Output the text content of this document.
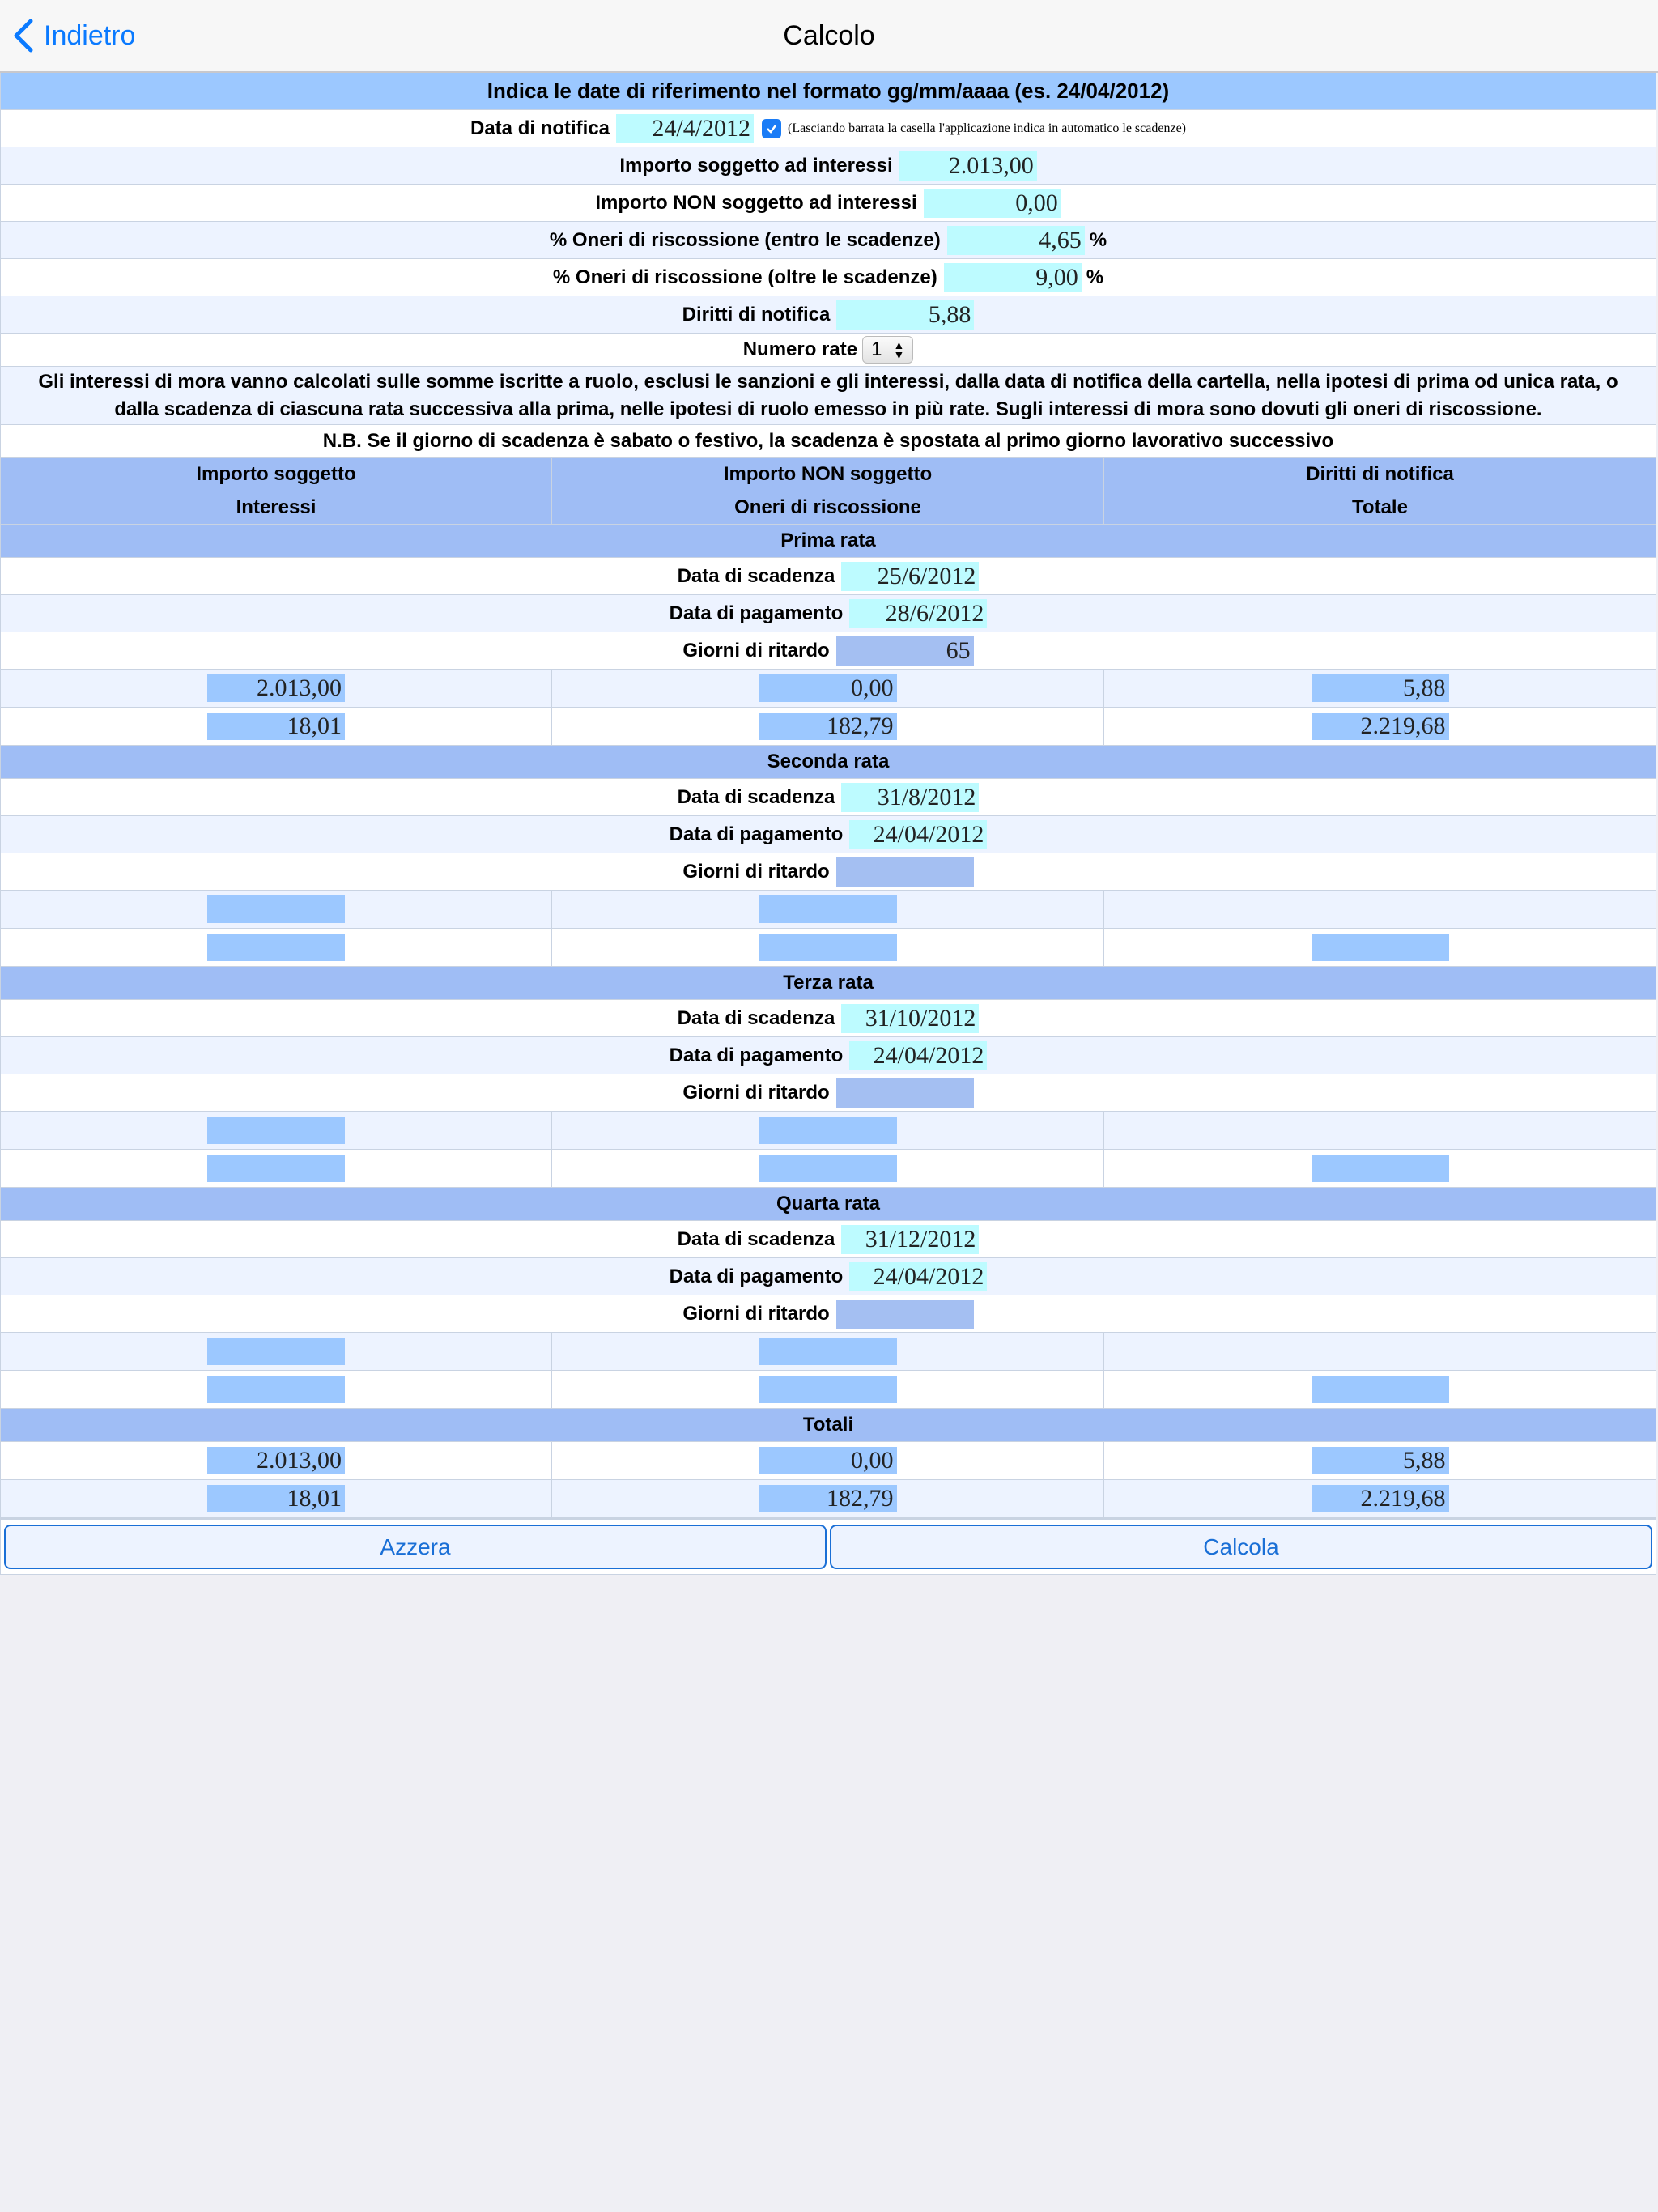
Indietro	Calcolo
Indica le date di riferimento nel formato gg/mm/aaaa (es. 24/04/2012)
Data di notifica	24/4/2012	(Lasciando barrata la casella l'applicazione indica in automatico le scadenze)
Importo soggetto ad interessi	2.013,00
Importo NON soggetto ad interessi	0,00
% Oneri di riscossione (entro le scadenze)	4,65 %
% Oneri di riscossione (oltre le scadenze)	9,00 %
Diritti di notifica	5,88
Numero rate 1 ▲
▼
Gli interessi di mora vanno calcolati sulle somme iscritte a ruolo, esclusi le sanzioni e gli interessi, dalla data di notifica della cartella, nella ipotesi di prima od unica rata, o dalla scadenza di ciascuna rata successiva alla prima, nelle ipotesi di ruolo emesso in più rate. Sugli interessi di mora sono dovuti gli oneri di riscossione.
N.B. Se il giorno di scadenza è sabato o festivo, la scadenza è spostata al primo giorno lavorativo successivo
Importo soggetto	Importo NON soggetto	Diritti di notifica
Interessi	Oneri di riscossione	Totale
Prima rata
Data di scadenza	25/6/2012
Data di pagamento	28/6/2012
Giorni di ritardo	65
2.013,00	0,00	5,88
18,01	182,79	2.219,68
Seconda rata
Data di scadenza	31/8/2012
Data di pagamento	24/04/2012
Giorni di ritardo
Terza rata
Data di scadenza	31/10/2012
Data di pagamento	24/04/2012
Giorni di ritardo
Quarta rata
Data di scadenza	31/12/2012
Data di pagamento	24/04/2012
Giorni di ritardo
Totali
2.013,00	0,00	5,88
18,01	182,79	2.219,68
Azzera	Calcola
